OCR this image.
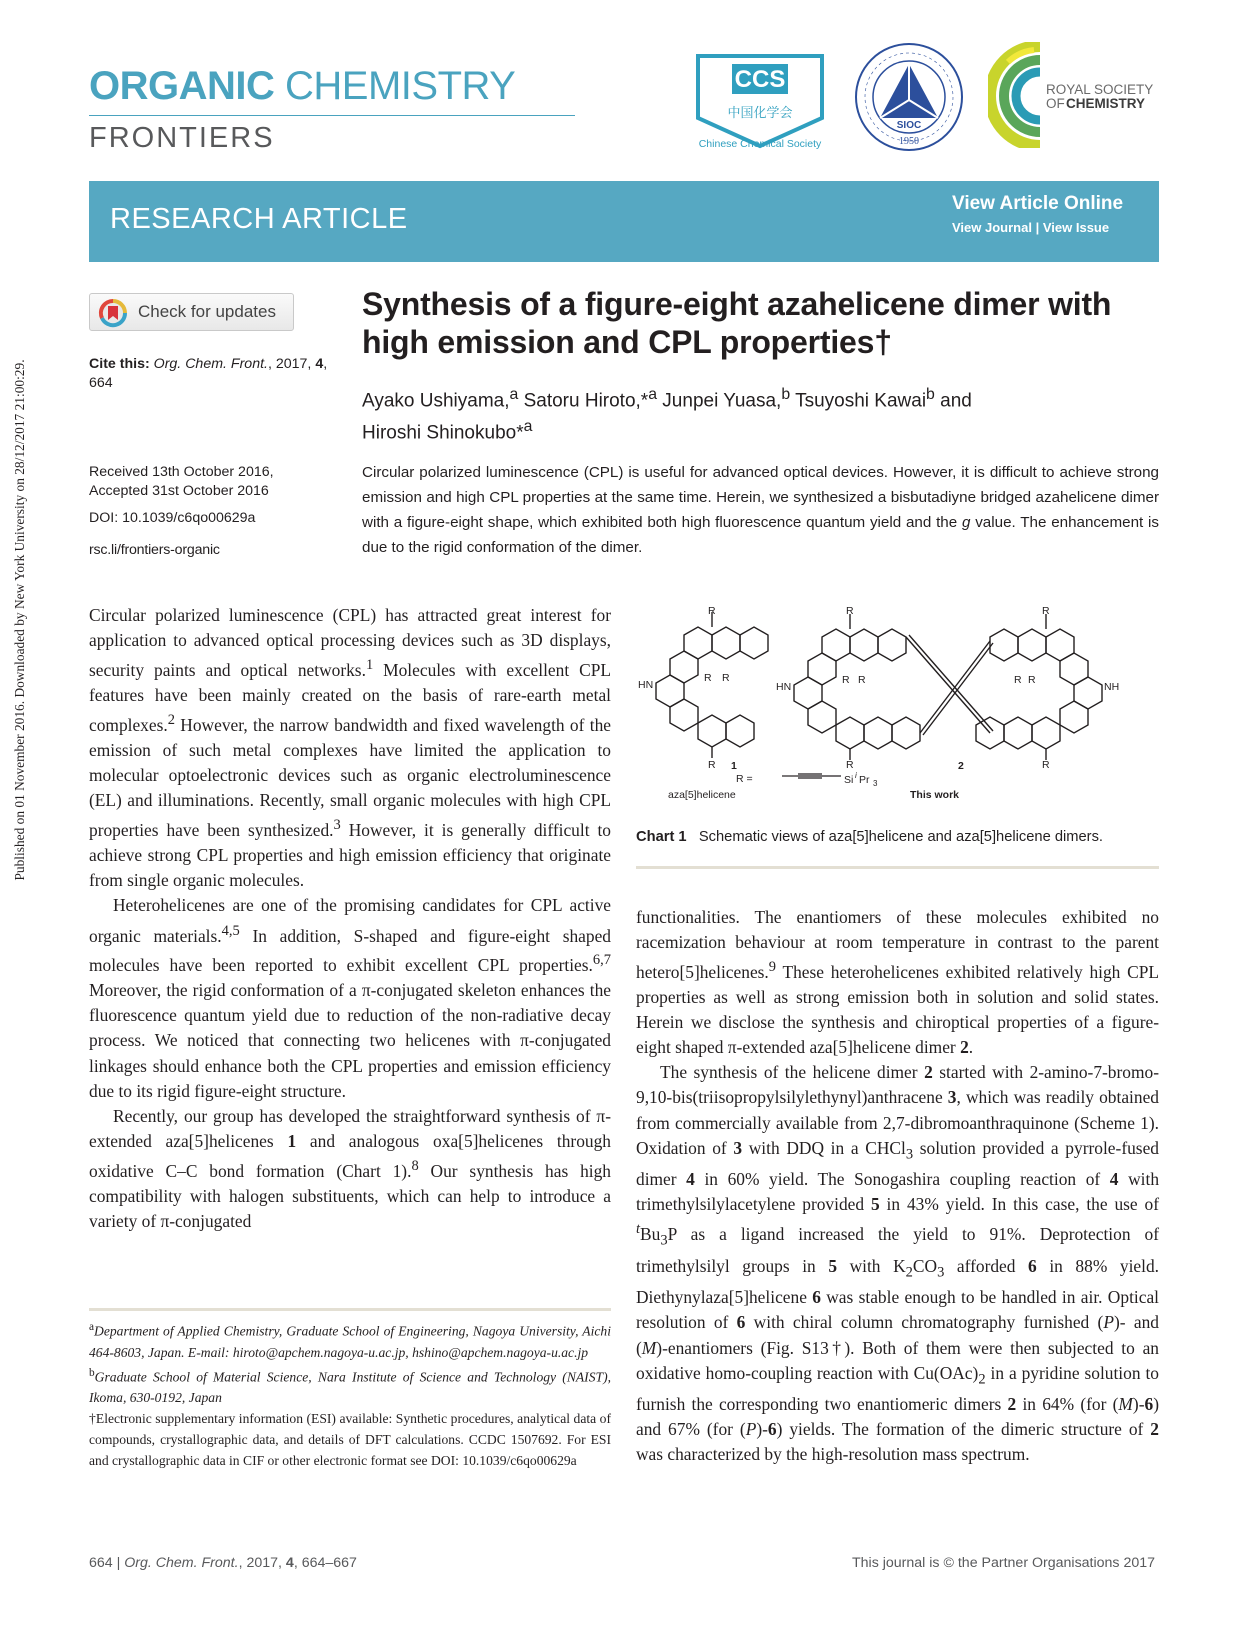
Published on 01 November 2016. Downloaded by New York University on 28/12/2017 21:00:29.
ORGANIC CHEMISTRY
FRONTIERS
CCS
中国化学会
Chinese Chemical Society
SIOC
1950
ROYAL SOCIETY
OF CHEMISTRY
RESEARCH ARTICLE	View Article Online
View Journal | View Issue
Check for updates
Cite this: Org. Chem. Front., 2017, 4,
664
Received 13th October 2016,
Accepted 31st October 2016
DOI: 10.1039/c6qo00629a
rsc.li/frontiers-organic
Synthesis of a figure-eight azahelicene dimer with high emission and CPL properties†
Ayako Ushiyama,$^a$ Satoru Hiroto,*$^a$ Junpei Yuasa,$^b$ Tsuyoshi Kawai$^b$ and
Hiroshi Shinokubo*$^a$
Circular polarized luminescence (CPL) is useful for advanced optical devices. However, it is difficult to achieve strong emission and high CPL properties at the same time. Herein, we synthesized a bisbutadiyne bridged azahelicene dimer with a figure-eight shape, which exhibited both high fluorescence quantum yield and the g value. The enhancement is due to the rigid conformation of the dimer.

Circular polarized luminescence (CPL) has attracted great interest for application to advanced optical processing devices such as 3D displays, security paints and optical networks.$^1$ Molecules with excellent CPL features have been mainly created on the basis of rare-earth metal complexes.$^2$ However, the narrow bandwidth and fixed wavelength of the emission of such metal complexes have limited the application to molecular optoelectronic devices such as organic electroluminescence (EL) and illuminations. Recently, small organic molecules with high CPL properties have been synthesized.$^3$ However, it is generally difficult to achieve strong CPL properties and high emission efficiency that originate from single organic molecules.

Heterohelicenes are one of the promising candidates for CPL active organic materials.$^{4,5}$ In addition, S-shaped and figure-eight shaped molecules have been reported to exhibit excellent CPL properties.$^{6,7}$ Moreover, the rigid conformation of a π-conjugated skeleton enhances the fluorescence quantum yield due to reduction of the non-radiative decay process. We noticed that connecting two helicenes with π-conjugated linkages should enhance both the CPL properties and emission efficiency due to its rigid figure-eight structure.

Recently, our group has developed the straightforward synthesis of π-extended aza[5]helicenes 1 and analogous oxa[5]helicenes through oxidative C–C bond formation (Chart 1).$^8$ Our synthesis has high compatibility with halogen substituents, which can help to introduce a variety of π-conjugated

R
R
R R
HN
1
R
R
R R
HN
R
R
R R
NH
2
R =	Si i Pr 3
aza[5]helicene	This work
Chart 1 Schematic views of aza[5]helicene and aza[5]helicene dimers.

functionalities. The enantiomers of these molecules exhibited no racemization behaviour at room temperature in contrast to the parent hetero[5]helicenes.$^9$ These heterohelicenes exhibited relatively high CPL properties as well as strong emission both in solution and solid states. Herein we disclose the synthesis and chiroptical properties of a figure-eight shaped π-extended aza[5]helicene dimer 2.

The synthesis of the helicene dimer 2 started with 2-amino-7-bromo-9,10-bis(triisopropylsilylethynyl)anthracene 3, which was readily obtained from commercially available from 2,7-dibromoanthraquinone (Scheme 1). Oxidation of 3 with DDQ in a CHCl$_3$ solution provided a pyrrole-fused dimer 4 in 60% yield. The Sonogashira coupling reaction of 4 with trimethylsilylacetylene provided 5 in 43% yield. In this case, the use of $^tBu_3P$ as a ligand increased the yield to 91%. Deprotection of trimethylsilyl groups in 5 with $K_2CO_3$ afforded 6 in 88% yield. Diethynylaza[5]helicene 6 was stable enough to be handled in air. Optical resolution of 6 with chiral column chromatography furnished (P)- and (M)-enantiomers (Fig. S13†). Both of them were then subjected to an oxidative homo-coupling reaction with $Cu(OAc)_2$ in a pyridine solution to furnish the corresponding two enantiomeric dimers 2 in 64% (for (M)-6) and 67% (for (P)-6) yields. The formation of the dimeric structure of 2 was characterized by the high-resolution mass spectrum.

$^a$Department of Applied Chemistry, Graduate School of Engineering, Nagoya University, Aichi 464-8603, Japan. E-mail: hiroto@apchem.nagoya-u.ac.jp, hshino@apchem.nagoya-u.ac.jp

$^b$Graduate School of Material Science, Nara Institute of Science and Technology (NAIST), Ikoma, 630-0192, Japan

†Electronic supplementary information (ESI) available: Synthetic procedures, analytical data of compounds, crystallographic data, and details of DFT calculations. CCDC 1507692. For ESI and crystallographic data in CIF or other electronic format see DOI: 10.1039/c6qo00629a

664 | Org. Chem. Front., 2017, 4, 664–667	This journal is © the Partner Organisations 2017
